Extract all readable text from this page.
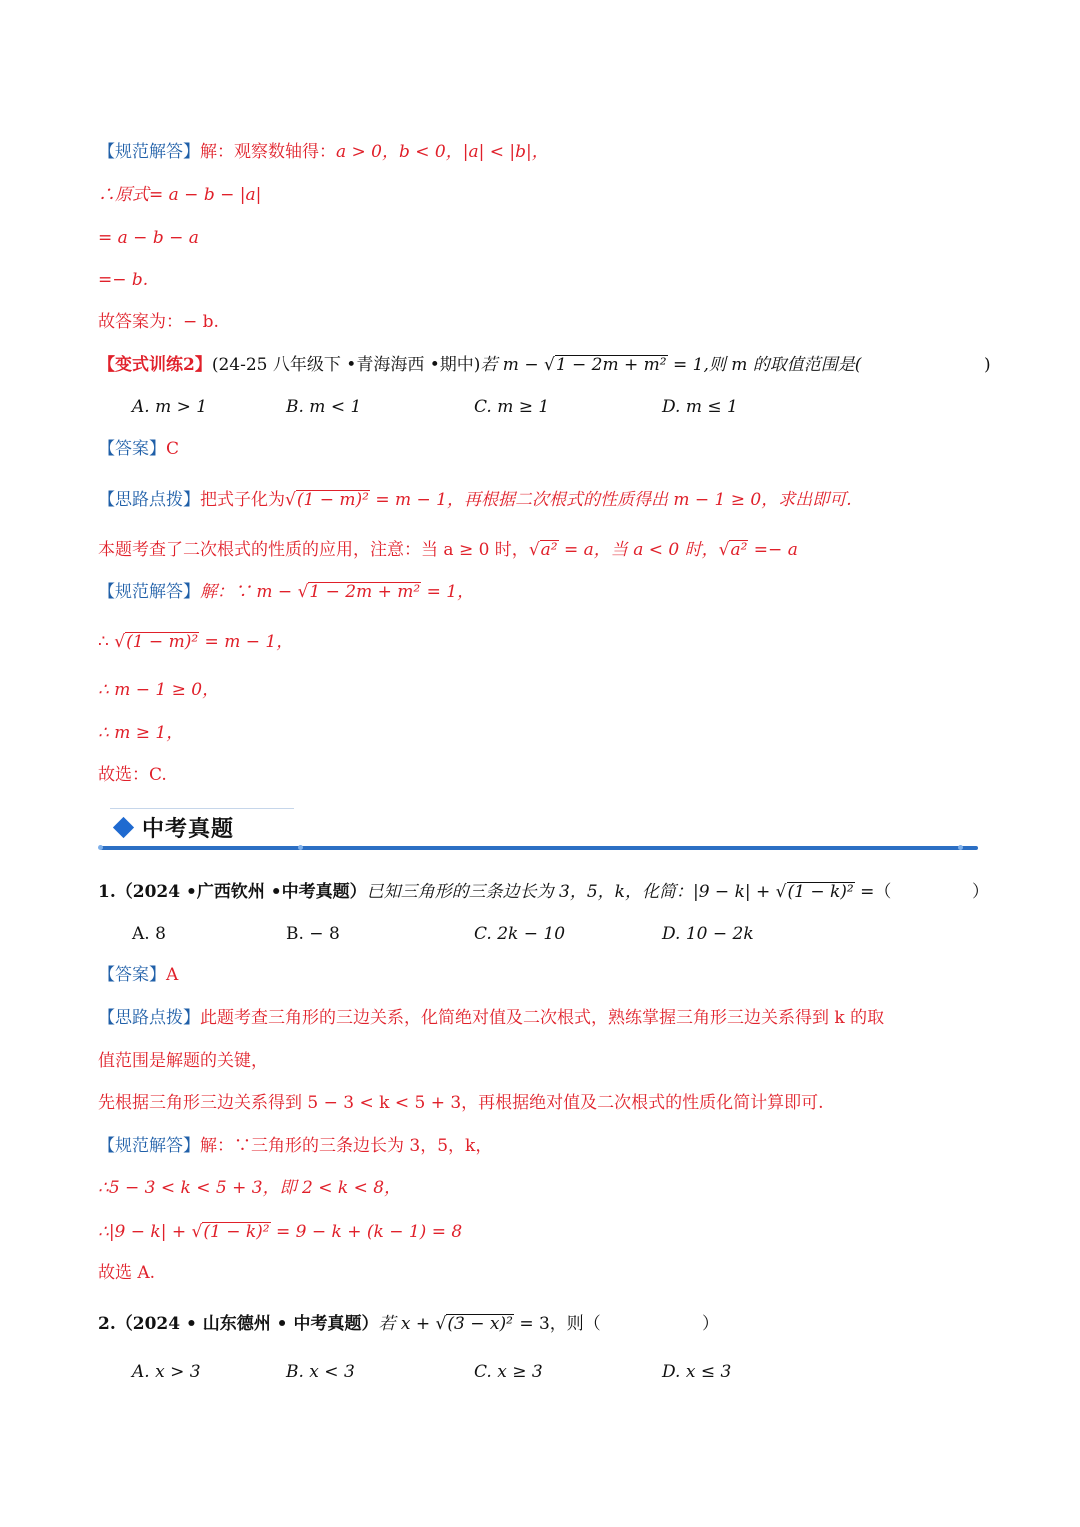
【规范解答】解：观察数轴得：a > 0，b < 0，|a| < |b|，
∴原式= a − b − |a|
= a − b − a
=− b.
故答案为：− b.
【变式训练2】(24-25 八年级下 •青海海西 •期中)若 m − √1 − 2m + m² = 1,则 m 的取值范围是(	)
A. m > 1	B. m < 1	C. m ≥ 1	D. m ≤ 1
【答案】C
【思路点拨】把式子化为√(1 − m)² = m − 1，再根据二次根式的性质得出 m − 1 ≥ 0，求出即可.
本题考查了二次根式的性质的应用，注意：当 a ≥ 0 时，√a² = a，当 a < 0 时，√a² =− a
【规范解答】解：∵ m − √1 − 2m + m² = 1，
∴ √(1 − m)² = m − 1，
∴ m − 1 ≥ 0，
∴ m ≥ 1，
故选：C.
中考真题
1.（2024 •广西钦州 •中考真题）已知三角形的三条边长为 3，5，k，化简：|9 − k| + √(1 − k)² =（	）
A. 8	B. − 8	C. 2k − 10	D. 10 − 2k
【答案】A
【思路点拨】此题考查三角形的三边关系，化简绝对值及二次根式，熟练掌握三角形三边关系得到 k 的取
值范围是解题的关键，
先根据三角形三边关系得到 5 − 3 < k < 5 + 3，再根据绝对值及二次根式的性质化简计算即可.
【规范解答】解：∵三角形的三条边长为 3，5，k，
∴5 − 3 < k < 5 + 3，即 2 < k < 8，
∴|9 − k| + √(1 − k)² = 9 − k + (k − 1) = 8
故选 A.
2.（2024 • 山东德州 • 中考真题）若 x + √(3 − x)² = 3，则（	）
A. x > 3	B. x < 3	C. x ≥ 3	D. x ≤ 3
